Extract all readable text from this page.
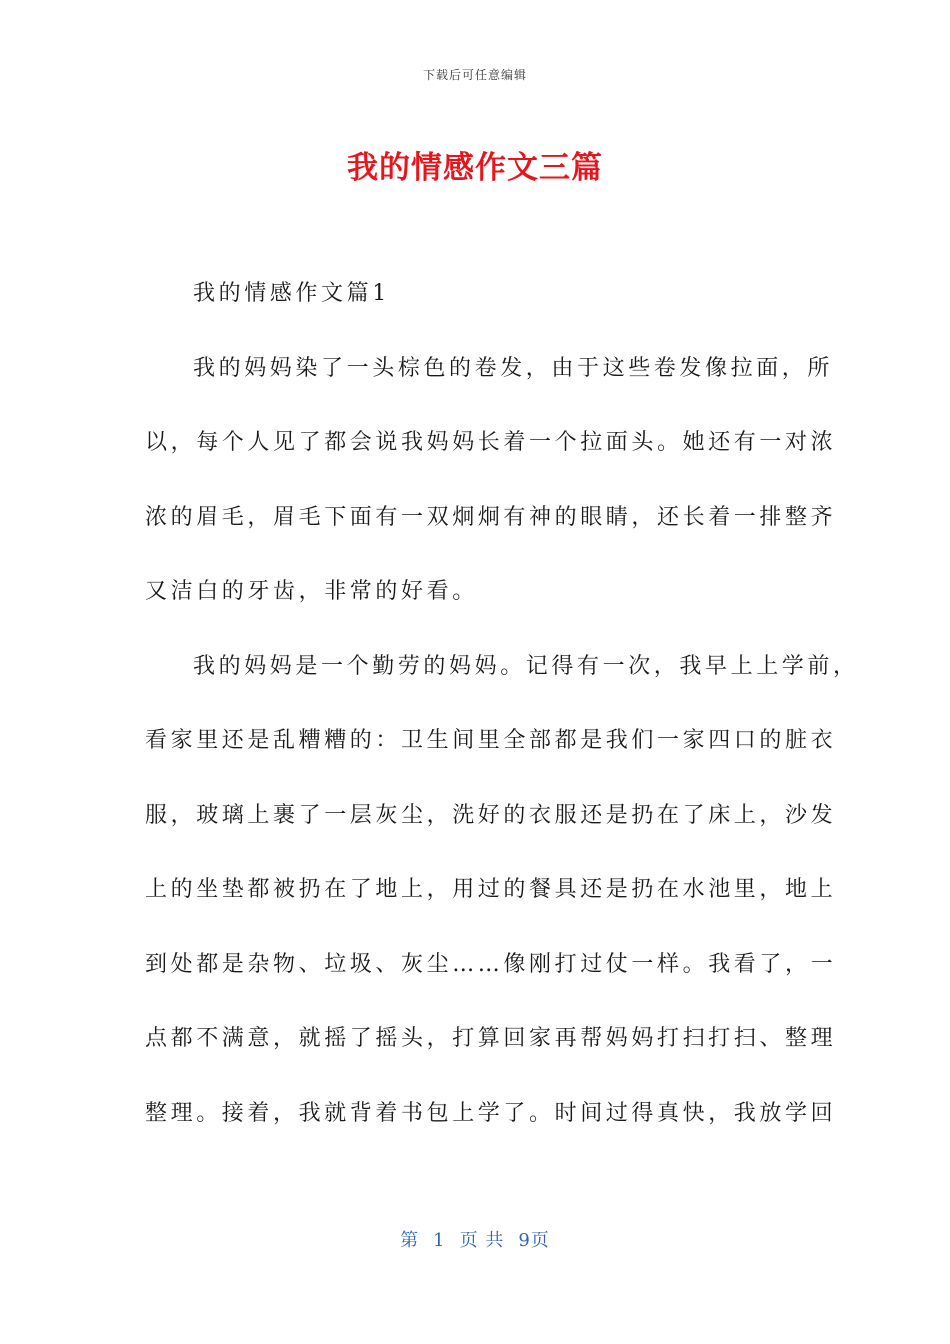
下载后可任意编辑
我的情感作文三篇
我的情感作文篇1
我的妈妈染了一头棕色的卷发，由于这些卷发像拉面，所
以，每个人见了都会说我妈妈长着一个拉面头。她还有一对浓
浓的眉毛，眉毛下面有一双炯炯有神的眼睛，还长着一排整齐
又洁白的牙齿，非常的好看。
我的妈妈是一个勤劳的妈妈。记得有一次，我早上上学前，
看家里还是乱糟糟的：卫生间里全部都是我们一家四口的脏衣
服，玻璃上裹了一层灰尘，洗好的衣服还是扔在了床上，沙发
上的坐垫都被扔在了地上，用过的餐具还是扔在水池里，地上
到处都是杂物、垃圾、灰尘……像刚打过仗一样。我看了，一
点都不满意，就摇了摇头，打算回家再帮妈妈打扫打扫、整理
整理。接着，我就背着书包上学了。时间过得真快，我放学回
第 1 页 共 9页
